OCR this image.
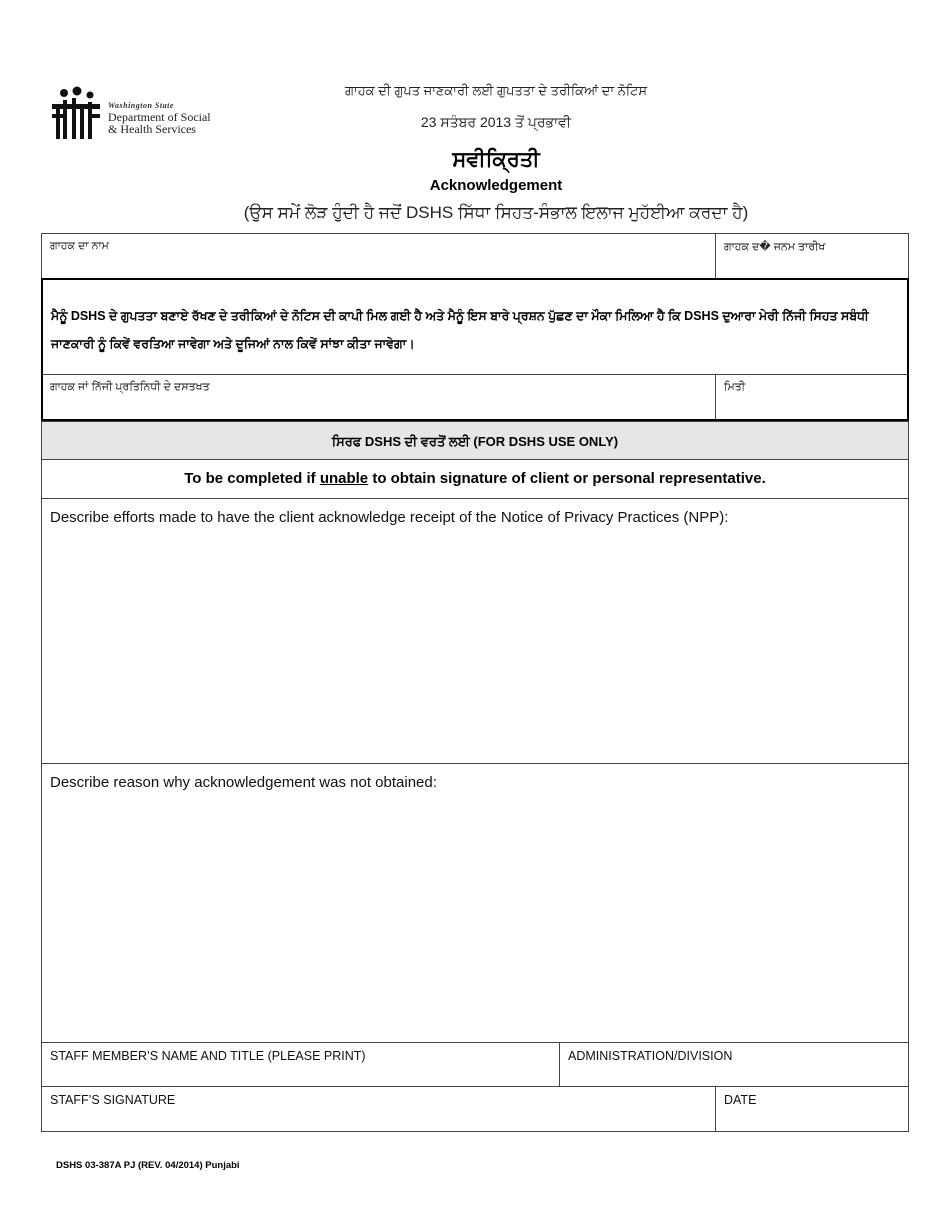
Washington State
Department of Social
& Health Services
ਗਾਹਕ ਦੀ ਗੁਪਤ ਜਾਣਕਾਰੀ ਲਈ ਗੁਪਤਤਾ ਦੇ ਤਰੀਕਿਆਂ ਦਾ ਨੋਟਿਸ
23 ਸਤੰਬਰ 2013 ਤੋਂ ਪ੍ਰਭਾਵੀ
ਸਵੀਕ੍ਰਿਤੀ
Acknowledgement
(ਉਸ ਸਮੇਂ ਲੋੜ ਹੁੰਦੀ ਹੈ ਜਦੋਂ DSHS ਸਿੱਧਾ ਸਿਹਤ-ਸੰਭਾਲ ਇਲਾਜ ਮੁਹੱਈਆ ਕਰਦਾ ਹੈ)
ਗਾਹਕ ਦਾ ਨਾਮ	ਗਾਹਕ ਦ� ਜਨਮ ਤਾਰੀਖ
ਮੈਨੂੰ DSHS ਦੇ ਗੁਪਤਤਾ ਬਣਾਏ ਰੱਖਣ ਦੇ ਤਰੀਕਿਆਂ ਦੇ ਨੋਟਿਸ ਦੀ ਕਾਪੀ ਮਿਲ ਗਈ ਹੈ ਅਤੇ ਮੈਨੂੰ ਇਸ ਬਾਰੇ ਪ੍ਰਸ਼ਨ ਪੁੱਛਣ ਦਾ ਮੌਕਾ ਮਿਲਿਆ ਹੈ ਕਿ DSHS ਦੁਆਰਾ ਮੇਰੀ ਨਿੱਜੀ ਸਿਹਤ ਸਬੰਧੀ ਜਾਣਕਾਰੀ ਨੂੰ ਕਿਵੇਂ ਵਰਤਿਆ ਜਾਵੇਗਾ ਅਤੇ ਦੂਜਿਆਂ ਨਾਲ ਕਿਵੇਂ ਸਾਂਝਾ ਕੀਤਾ ਜਾਵੇਗਾ।
ਗਾਹਕ ਜਾਂ ਨਿੱਜੀ ਪ੍ਰਤਿਨਿਧੀ ਦੇ ਦਸਤਖਤ	ਮਿਤੀ
ਸਿਰਫ DSHS ਦੀ ਵਰਤੋਂ ਲਈ (FOR DSHS USE ONLY)
To be completed if unable to obtain signature of client or personal representative.
Describe efforts made to have the client acknowledge receipt of the Notice of Privacy Practices (NPP):
Describe reason why acknowledgement was not obtained:
STAFF MEMBER’S NAME AND TITLE (PLEASE PRINT)	ADMINISTRATION/DIVISION
STAFF’S SIGNATURE	DATE
DSHS 03-387A PJ (REV. 04/2014) Punjabi
